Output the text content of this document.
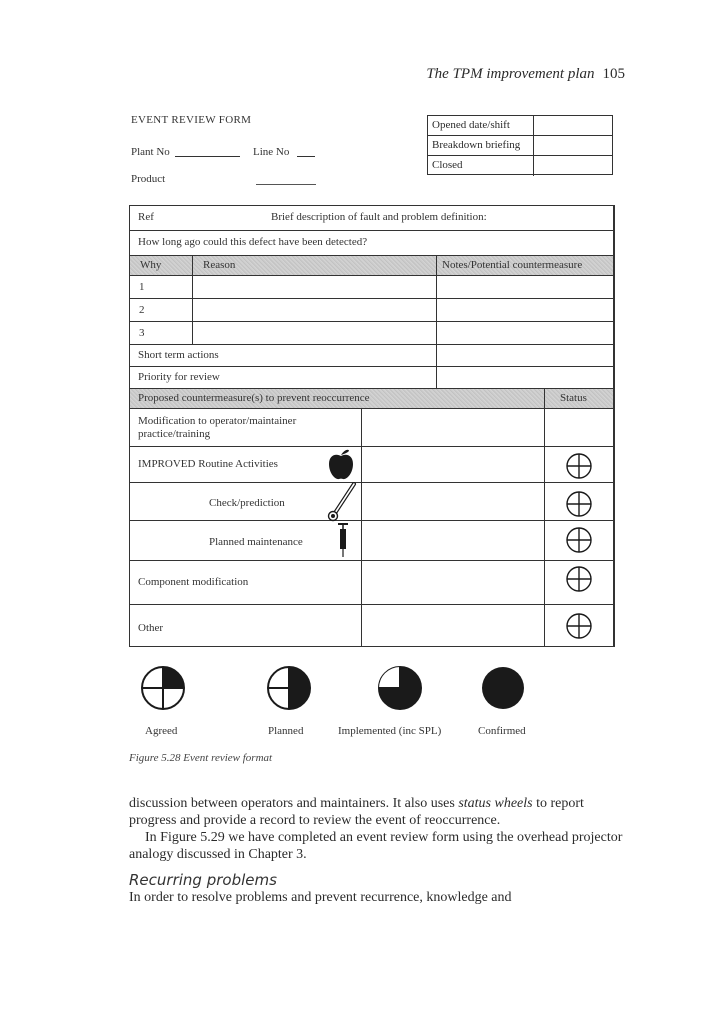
The TPM improvement plan 105
EVENT REVIEW FORM
Plant No	Line No
Product
Opened date/shift
Breakdown briefing
Closed
Ref	Brief description of fault and problem definition:
How long ago could this defect have been detected?
Why	Reason	Notes/Potential countermeasure
1
2
3
Short term actions
Priority for review
Proposed countermeasure(s) to prevent reoccurrence	Status
Modification to operator/maintainer practice/training
IMPROVED Routine Activities
Check/prediction
Planned maintenance
Component modification
Other
Agreed	Planned	Implemented (inc SPL)	Confirmed
Figure 5.28 Event review format
discussion between operators and maintainers. It also uses status wheels to report progress and provide a record to review the event of reoccurrence.
In Figure 5.29 we have completed an event review form using the overhead projector analogy discussed in Chapter 3.
Recurring problems
In order to resolve problems and prevent recurrence, knowledge and
